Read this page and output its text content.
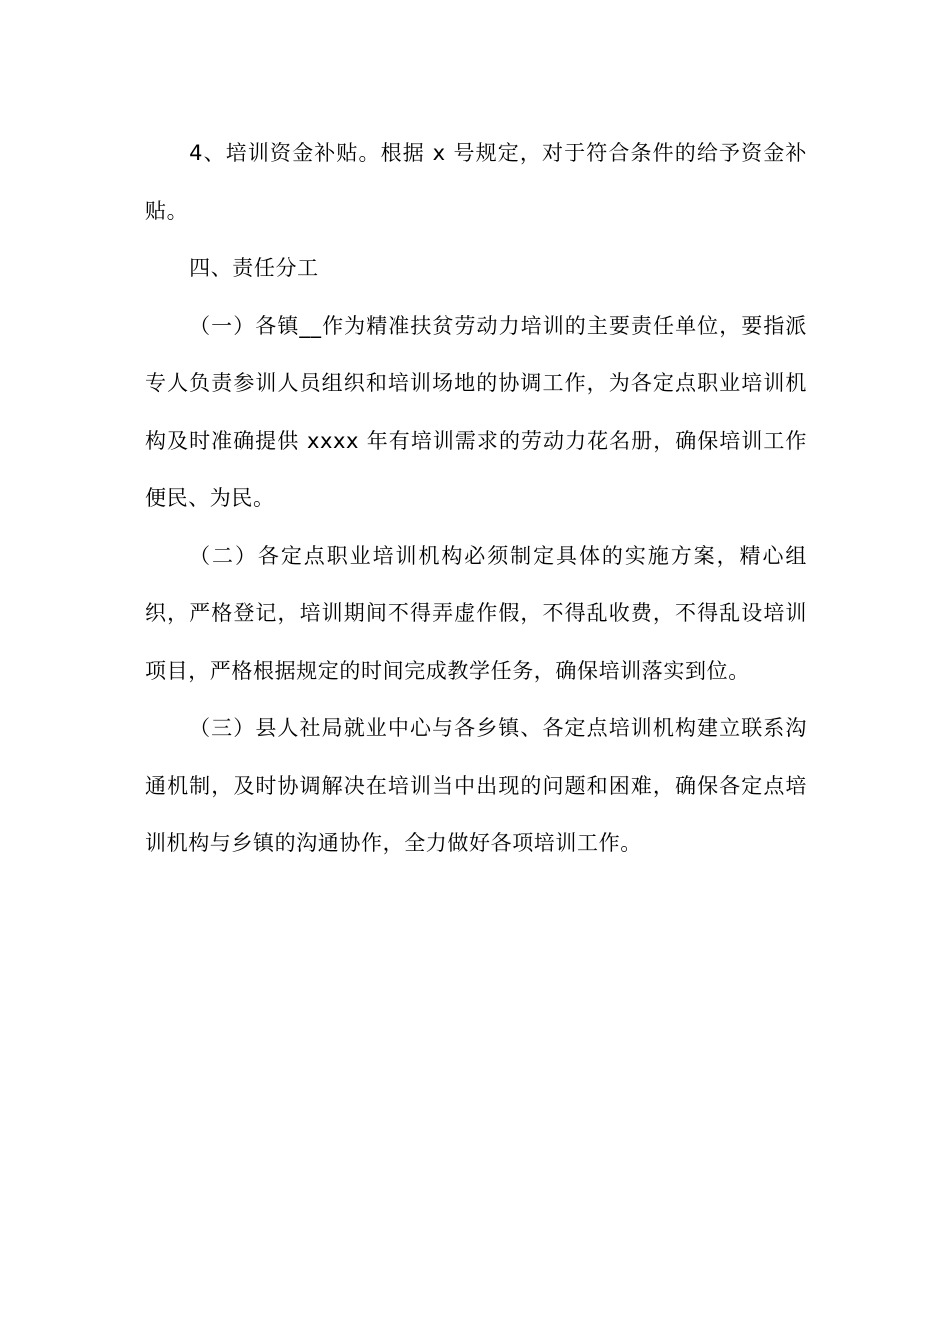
4、培训资金补贴。根据 x 号规定，对于符合条件的给予资金补贴。

四、责任分工

（一）各镇__作为精准扶贫劳动力培训的主要责任单位，要指派专人负责参训人员组织和培训场地的协调工作，为各定点职业培训机构及时准确提供 xxxx 年有培训需求的劳动力花名册，确保培训工作便民、为民。

（二）各定点职业培训机构必须制定具体的实施方案，精心组织，严格登记，培训期间不得弄虚作假，不得乱收费，不得乱设培训项目，严格根据规定的时间完成教学任务，确保培训落实到位。

（三）县人社局就业中心与各乡镇、各定点培训机构建立联系沟通机制，及时协调解决在培训当中出现的问题和困难，确保各定点培训机构与乡镇的沟通协作，全力做好各项培训工作。
